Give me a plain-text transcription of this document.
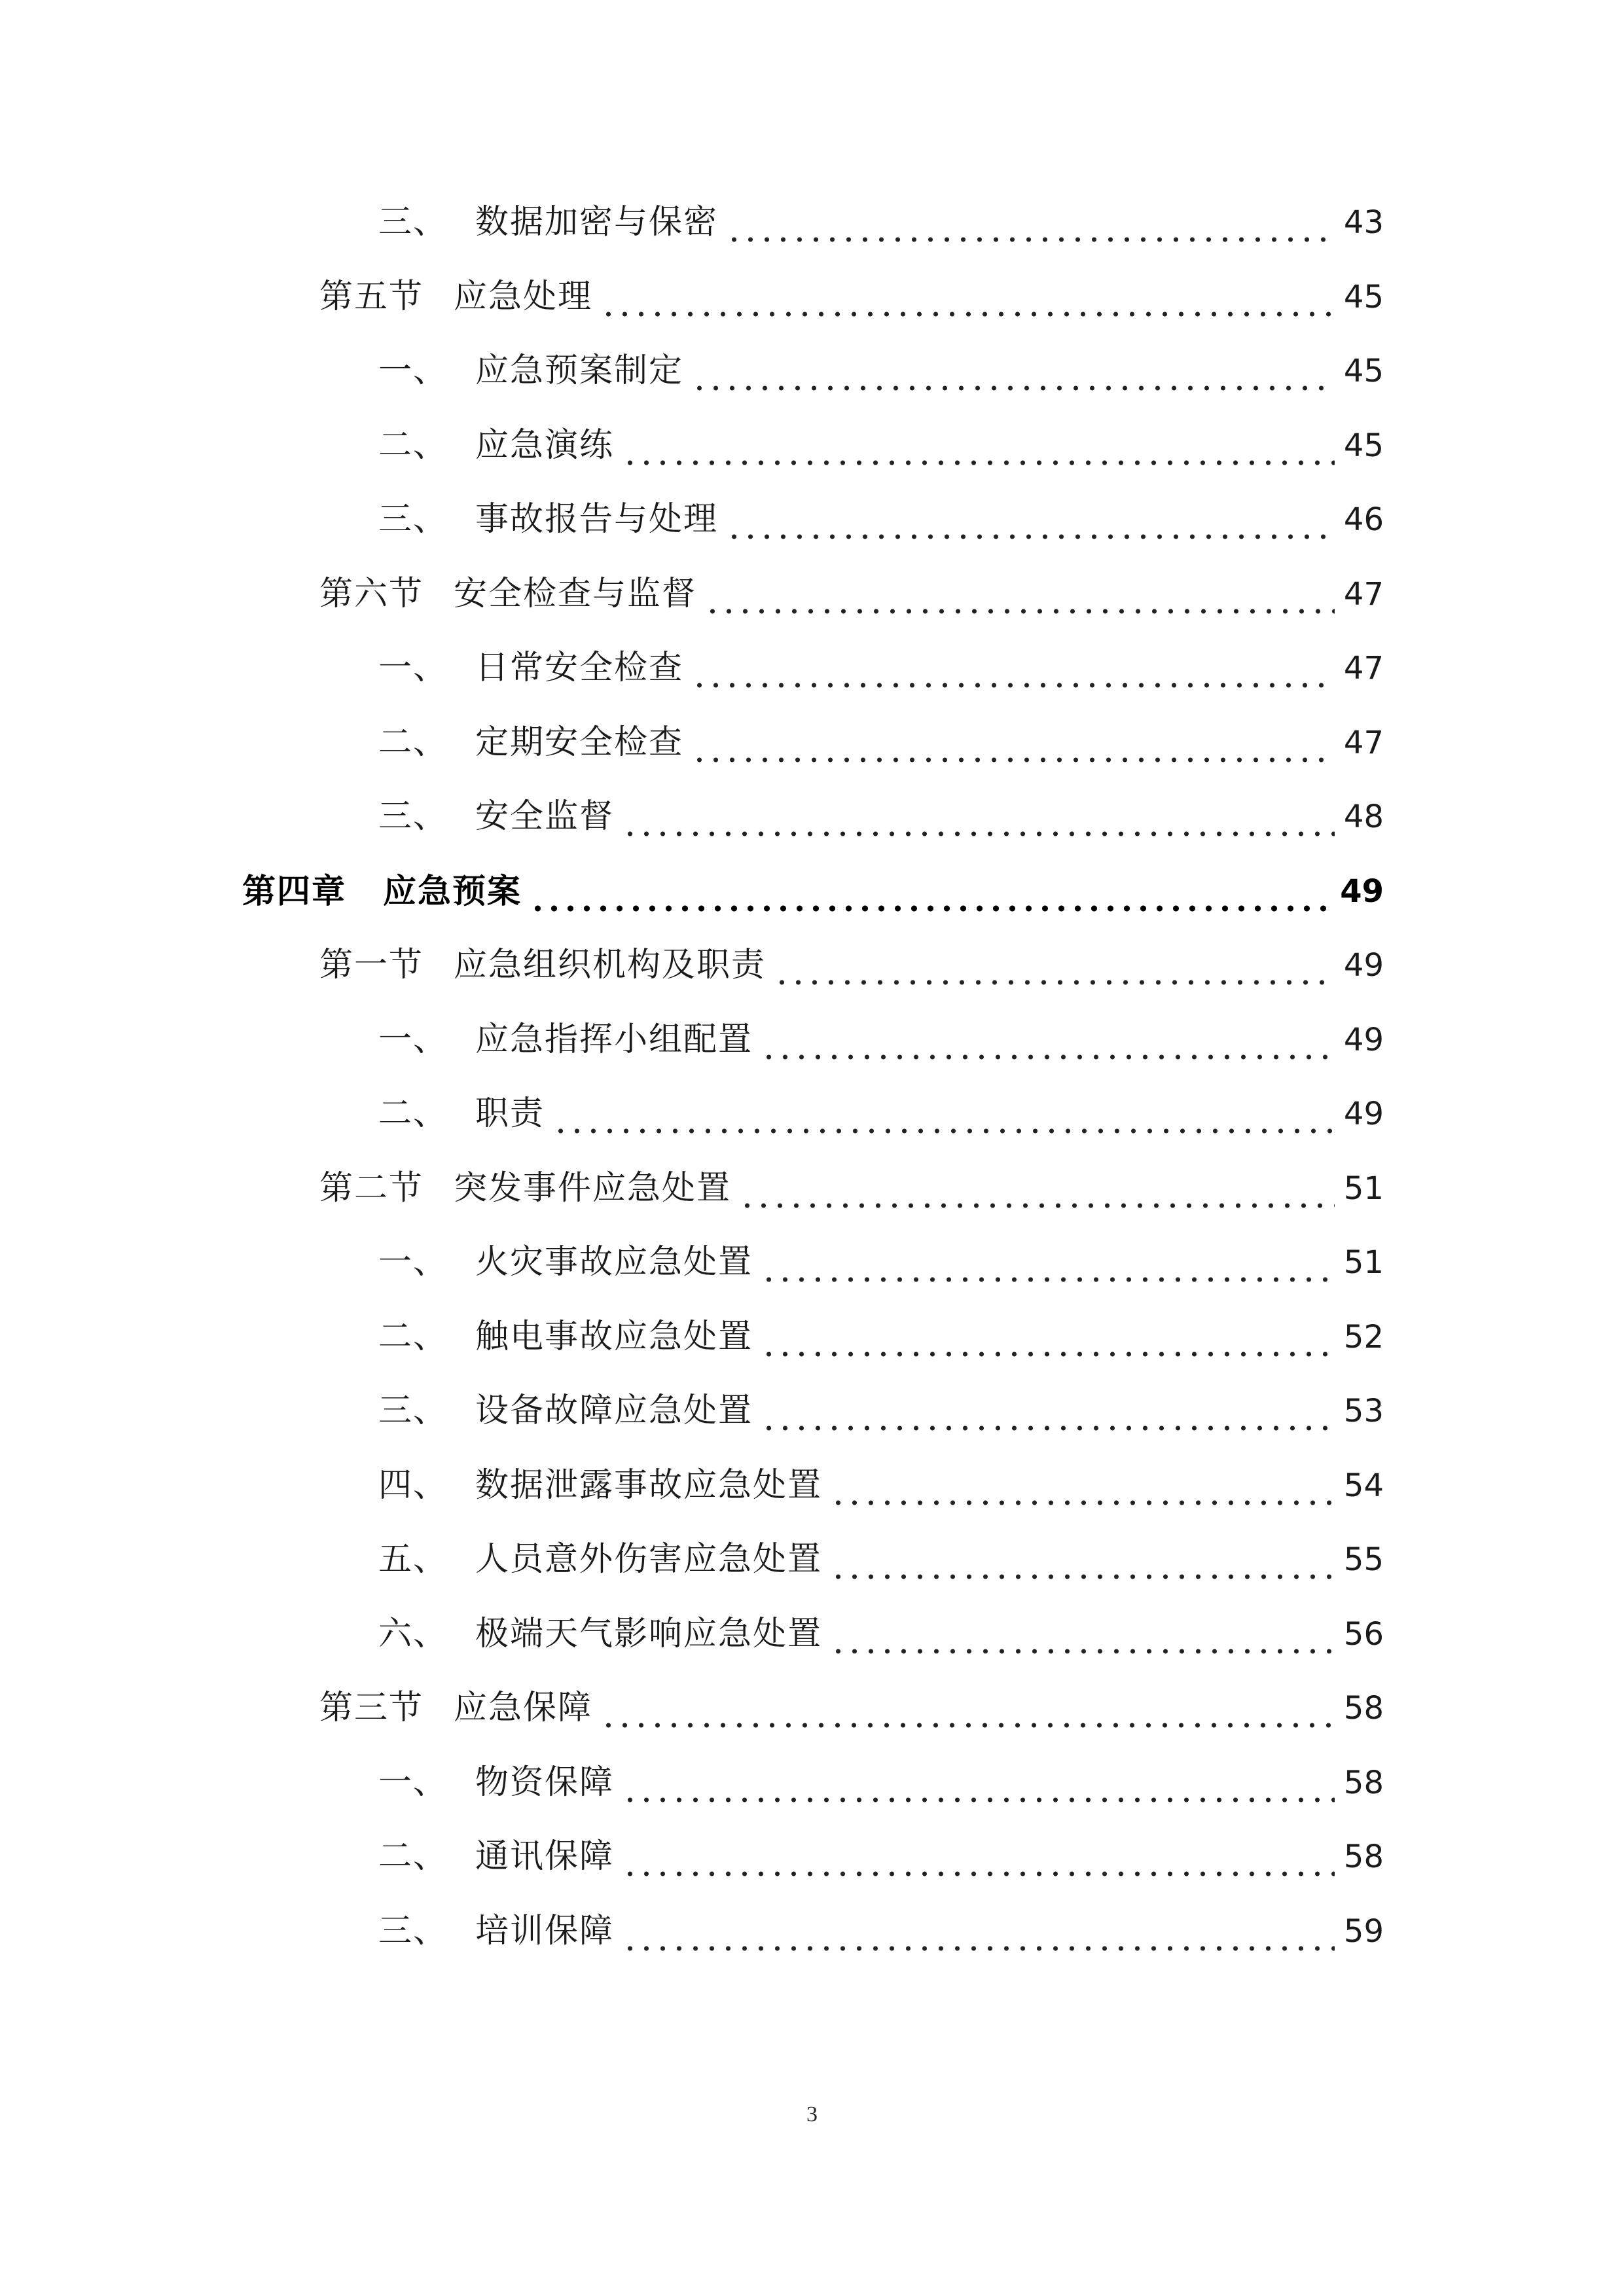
三、 数据加密与保密	43
第五节 应急处理	45
一、 应急预案制定	45
二、 应急演练	45
三、 事故报告与处理	46
第六节 安全检查与监督	47
一、 日常安全检查	47
二、 定期安全检查	47
三、 安全监督	48
第四章	应急预案	49
第一节 应急组织机构及职责	49
一、 应急指挥小组配置	49
二、 职责	49
第二节 突发事件应急处置	51
一、 火灾事故应急处置	51
二、 触电事故应急处置	52
三、 设备故障应急处置	53
四、 数据泄露事故应急处置	54
五、 人员意外伤害应急处置	55
六、 极端天气影响应急处置	56
第三节 应急保障	58
一、 物资保障	58
二、 通讯保障	58
三、 培训保障	59
3
